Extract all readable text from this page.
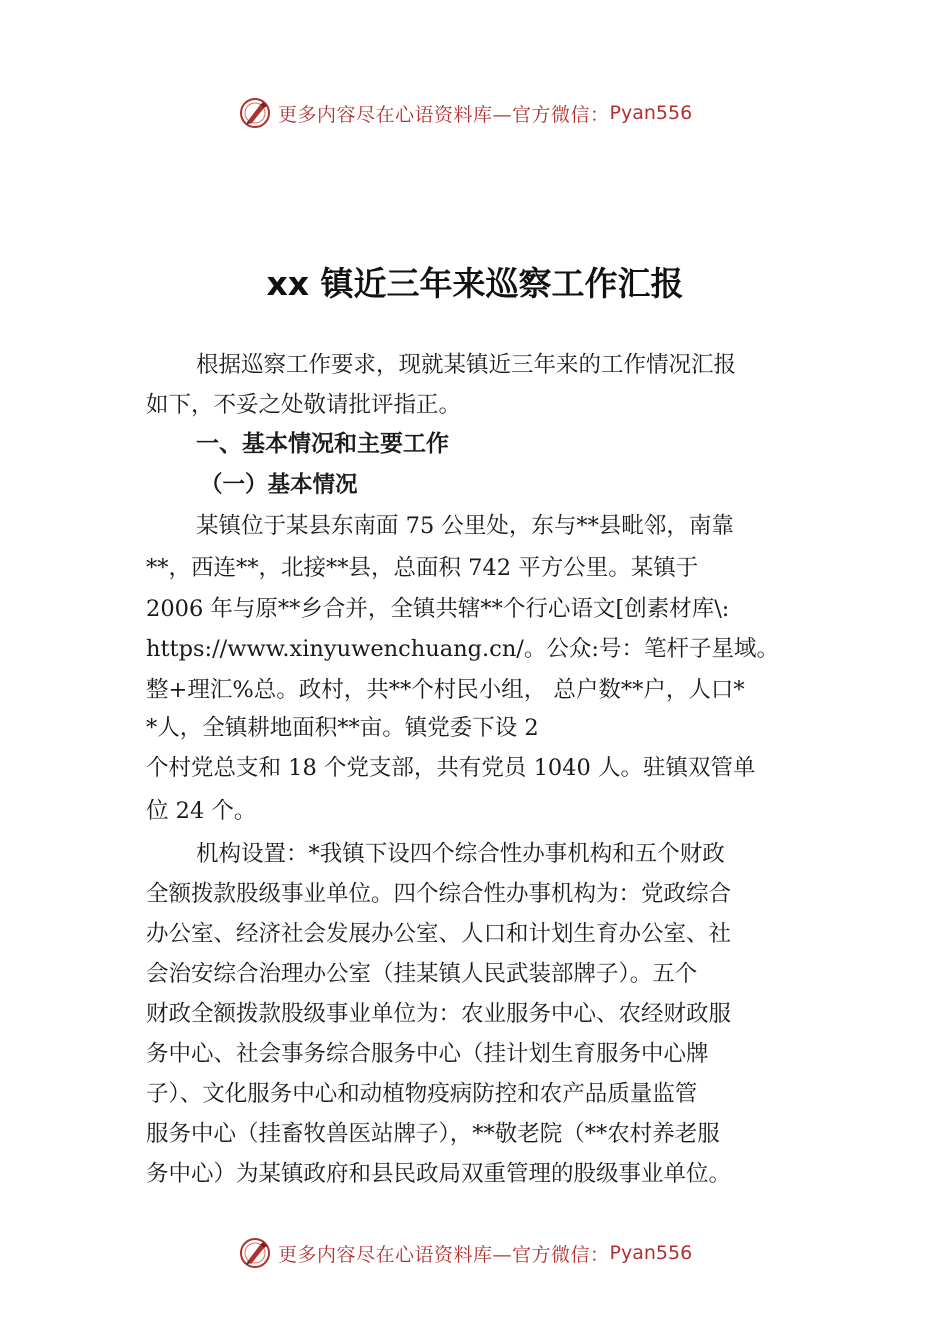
更多内容尽在心语资料库—官方微信： Pyan556
xx 镇近三年来巡察工作汇报
根据巡察工作要求，现就某镇近三年来的工作情况汇报
如下，不妥之处敬请批评指正。
一、基本情况和主要工作
（一）基本情况
某镇位于某县东南面 75 公里处，东与**县毗邻，南靠
**，西连**，北接**县，总面积 742 平方公里。某镇于
2006 年与原**乡合并，全镇共辖**个行心语文[创素材库\:
https://www.xinyuwenchuang.cn/。公众:号：笔杆子星域。
整+理汇%总。政村，共**个村民小组， 总户数**户，人口*
*人，全镇耕地面积**亩。镇党委下设 2
个村党总支和 18 个党支部，共有党员 1040 人。驻镇双管单
位 24 个。
机构设置：*我镇下设四个综合性办事机构和五个财政
全额拨款股级事业单位。四个综合性办事机构为：党政综合
办公室、经济社会发展办公室、人口和计划生育办公室、社
会治安综合治理办公室（挂某镇人民武装部牌子）。五个
财政全额拨款股级事业单位为：农业服务中心、农经财政服
务中心、社会事务综合服务中心（挂计划生育服务中心牌
子）、文化服务中心和动植物疫病防控和农产品质量监管
服务中心（挂畜牧兽医站牌子），**敬老院（**农村养老服
务中心）为某镇政府和县民政局双重管理的股级事业单位。
更多内容尽在心语资料库—官方微信： Pyan556
